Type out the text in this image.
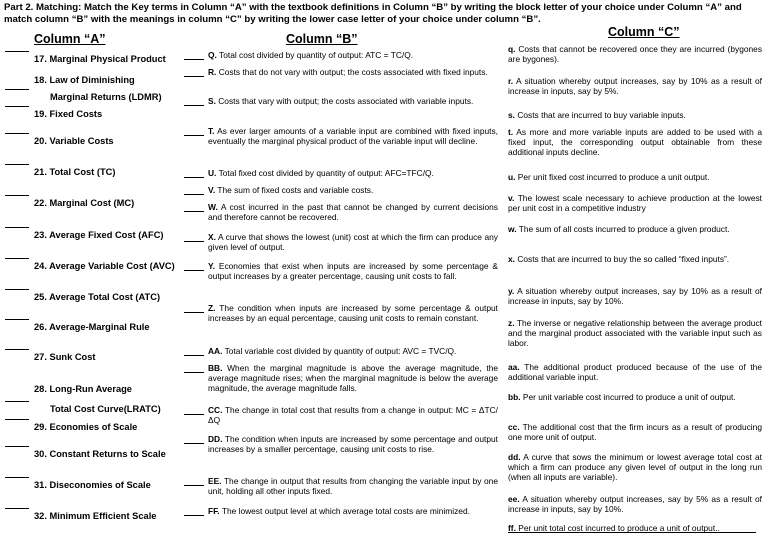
Part 2. Matching: Match the Key terms in Column “A” with the textbook definitions in Column “B” by writing the block letter of your choice under Column “A” and match column “B” with the meanings in column “C” by writing the lower case letter of your choice under column “B”.
Column “A”	Column “B”	Column “C”
17. Marginal Physical Product
18. Law of Diminishing
Marginal Returns (LDMR)
19. Fixed Costs
20. Variable Costs
21. Total Cost (TC)
22. Marginal Cost (MC)
23. Average Fixed Cost (AFC)
24. Average Variable Cost (AVC)
25. Average Total Cost (ATC)
26. Average-Marginal Rule
27. Sunk Cost
28. Long-Run Average
Total Cost Curve(LRATC)
29. Economies of Scale
30. Constant Returns to Scale
31. Diseconomies of Scale
32. Minimum Efficient Scale
Q. Total cost divided by quantity of output: ATC = TC/Q.
R. Costs that do not vary with output; the costs associated with fixed inputs.
S. Costs that vary with output; the costs associated with variable inputs.
T. As ever larger amounts of a variable input are combined with fixed inputs, eventually the marginal physical product of the variable input will decline.
U. Total fixed cost divided by quantity of output: AFC=TFC/Q.
V. The sum of fixed costs and variable costs.
W. A cost incurred in the past that cannot be changed by current decisions and therefore cannot be recovered.
X. A curve that shows the lowest (unit) cost at which the firm can produce any given level of output.
Y. Economies that exist when inputs are increased by some percentage & output increases by a greater percentage, causing unit costs to fall.
Z. The condition when inputs are increased by some percentage & output increases by an equal percentage, causing unit costs to remain constant.
AA. Total variable cost divided by quantity of output: AVC = TVC/Q.
BB. When the marginal magnitude is above the average magnitude, the average magnitude rises; when the marginal magnitude is below the average magnitude, the average magnitude falls.
CC. The change in total cost that results from a change in output: MC = ΔTC/ΔQ
DD. The condition when inputs are increased by some percentage and output increases by a smaller percentage, causing unit costs to rise.
EE. The change in output that results from changing the variable input by one unit, holding all other inputs fixed.
FF. The lowest output level at which average total costs are minimized.
q. Costs that cannot be recovered once they are incurred (bygones are bygones).
r. A situation whereby output increases, say by 10% as a result of increase in inputs, say by 5%.
s. Costs that are incurred to buy variable inputs.
t. As more and more variable inputs are added to be used with a fixed input, the corresponding output obtainable from these additional inputs decline.
u. Per unit fixed cost incurred to produce a unit output.
v. The lowest scale necessary to achieve production at the lowest per unit cost in a competitive industry
w. The sum of all costs incurred to produce a given product.
x. Costs that are incurred to buy the so called “fixed inputs”.
y. A situation whereby output increases, say by 10% as a result of increase in inputs, say by 10%.
z. The inverse or negative relationship between the average product and the marginal product associated with the variable input such as labor.
aa. The additional product produced because of the use of the additional variable input.
bb. Per unit variable cost incurred to produce a unit of output.
cc. The additional cost that the firm incurs as a result of producing one more unit of output.
dd. A curve that sows the minimum or lowest average total cost at which a firm can produce any given level of output in the long run (when all inputs are variable).
ee. A situation whereby output increases, say by 5% as a result of increase in inputs, say by 10%.
ff. Per unit total cost incurred to produce a unit of output..
